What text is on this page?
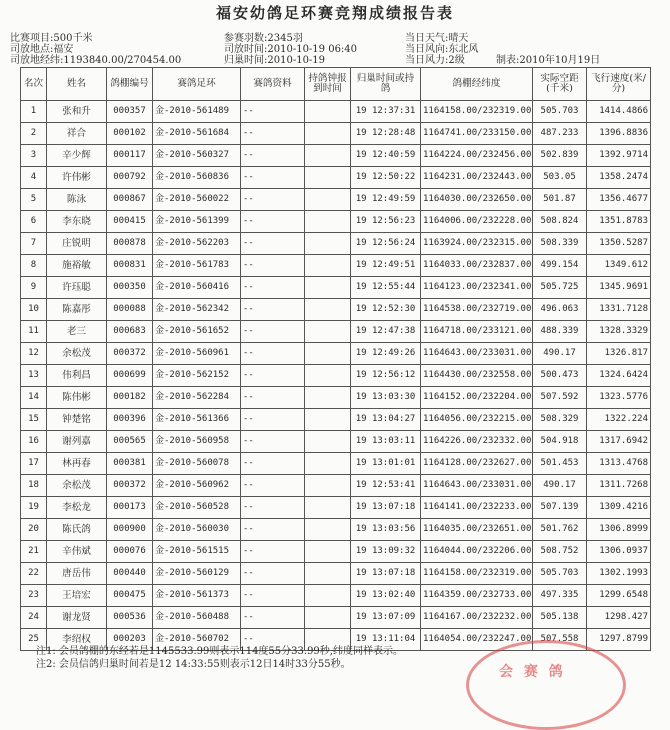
福安幼鸽足环赛竞翔成绩报告表
比赛项目:500千米
司放地点:福安
司放地经纬:1193840.00/270454.00
参赛羽数:2345羽
司放时间:2010-10-19 06:40
归巢时间:2010-10-19
当日天气:晴天
当日风向:东北风
当日风力:2级	制表:2010年10月19日
名次	姓名	鸽棚编号	赛鸽足环	赛鸽资料	持鸽钟报到时间	归巢时间或持鸽	鸽棚经纬度	实际空距(千米)	飞行速度(米/分)
1	张和升	000357	金-2010-561489	--		19 12:37:31	1164158.00/232319.00	505.703	1414.4866
2	祥合	000102	金-2010-561684	--		19 12:28:48	1164741.00/233150.00	487.233	1396.8836
3	辛少辉	000117	金-2010-560327	--		19 12:40:59	1164224.00/232456.00	502.839	1392.9714
4	许伟彬	000792	金-2010-560836	--		19 12:50:22	1164231.00/232443.00	503.05	1358.2474
5	陈泳	000867	金-2010-560022	--		19 12:49:59	1164030.00/232650.00	501.87	1356.4677
6	李东晓	000415	金-2010-561399	--		19 12:56:23	1164006.00/232228.00	508.824	1351.8783
7	庄锐明	000878	金-2010-562203	--		19 12:56:24	1163924.00/232315.00	508.339	1350.5287
8	施裕敏	000831	金-2010-561783	--		19 12:49:51	1164033.00/232837.00	499.154	1349.612
9	许珏聪	000350	金-2010-560416	--		19 12:55:44	1164123.00/232341.00	505.725	1345.9691
10	陈嘉彤	000088	金-2010-562342	--		19 12:52:30	1164538.00/232719.00	496.063	1331.7128
11	老三	000683	金-2010-561652	--		19 12:47:38	1164718.00/233121.00	488.339	1328.3329
12	余松茂	000372	金-2010-560961	--		19 12:49:26	1164643.00/233031.00	490.17	1326.817
13	伟利昌	000699	金-2010-562152	--		19 12:56:12	1164430.00/232558.00	500.473	1324.6424
14	陈伟彬	000182	金-2010-562284	--		19 13:03:30	1164152.00/232204.00	507.592	1323.5776
15	钟楚铭	000396	金-2010-561366	--		19 13:04:27	1164056.00/232215.00	508.329	1322.224
16	谢列嘉	000565	金-2010-560958	--		19 13:03:11	1164226.00/232332.00	504.918	1317.6942
17	林再春	000381	金-2010-560078	--		19 13:01:01	1164128.00/232627.00	501.453	1313.4768
18	余松茂	000372	金-2010-560962	--		19 12:53:41	1164643.00/233031.00	490.17	1311.7268
19	李松龙	000173	金-2010-560528	--		19 13:07:18	1164141.00/232233.00	507.139	1309.4216
20	陈氏鸽	000900	金-2010-560030	--		19 13:03:56	1164035.00/232651.00	501.762	1306.8999
21	辛伟斌	000076	金-2010-561515	--		19 13:09:32	1164044.00/232206.00	508.752	1306.0937
22	唐岳伟	000440	金-2010-560129	--		19 13:07:18	1164158.00/232319.00	505.703	1302.1993
23	王培宏	000475	金-2010-561373	--		19 13:02:40	1164359.00/232733.00	497.335	1299.6548
24	谢龙贤	000536	金-2010-560488	--		19 13:07:09	1164167.00/232232.00	505.138	1298.427
25	李绍权	000203	金-2010-560702	--		19 13:11:04	1164054.00/232247.00	507.558	1297.8799
注1: 会员鸽棚的东经若是1145533.99则表示114度55分33.99秒,纬度同样表示。
注2: 会员信鸽归巢时间若是12 14:33:55则表示12日14时33分55秒。	会 赛 鸽
